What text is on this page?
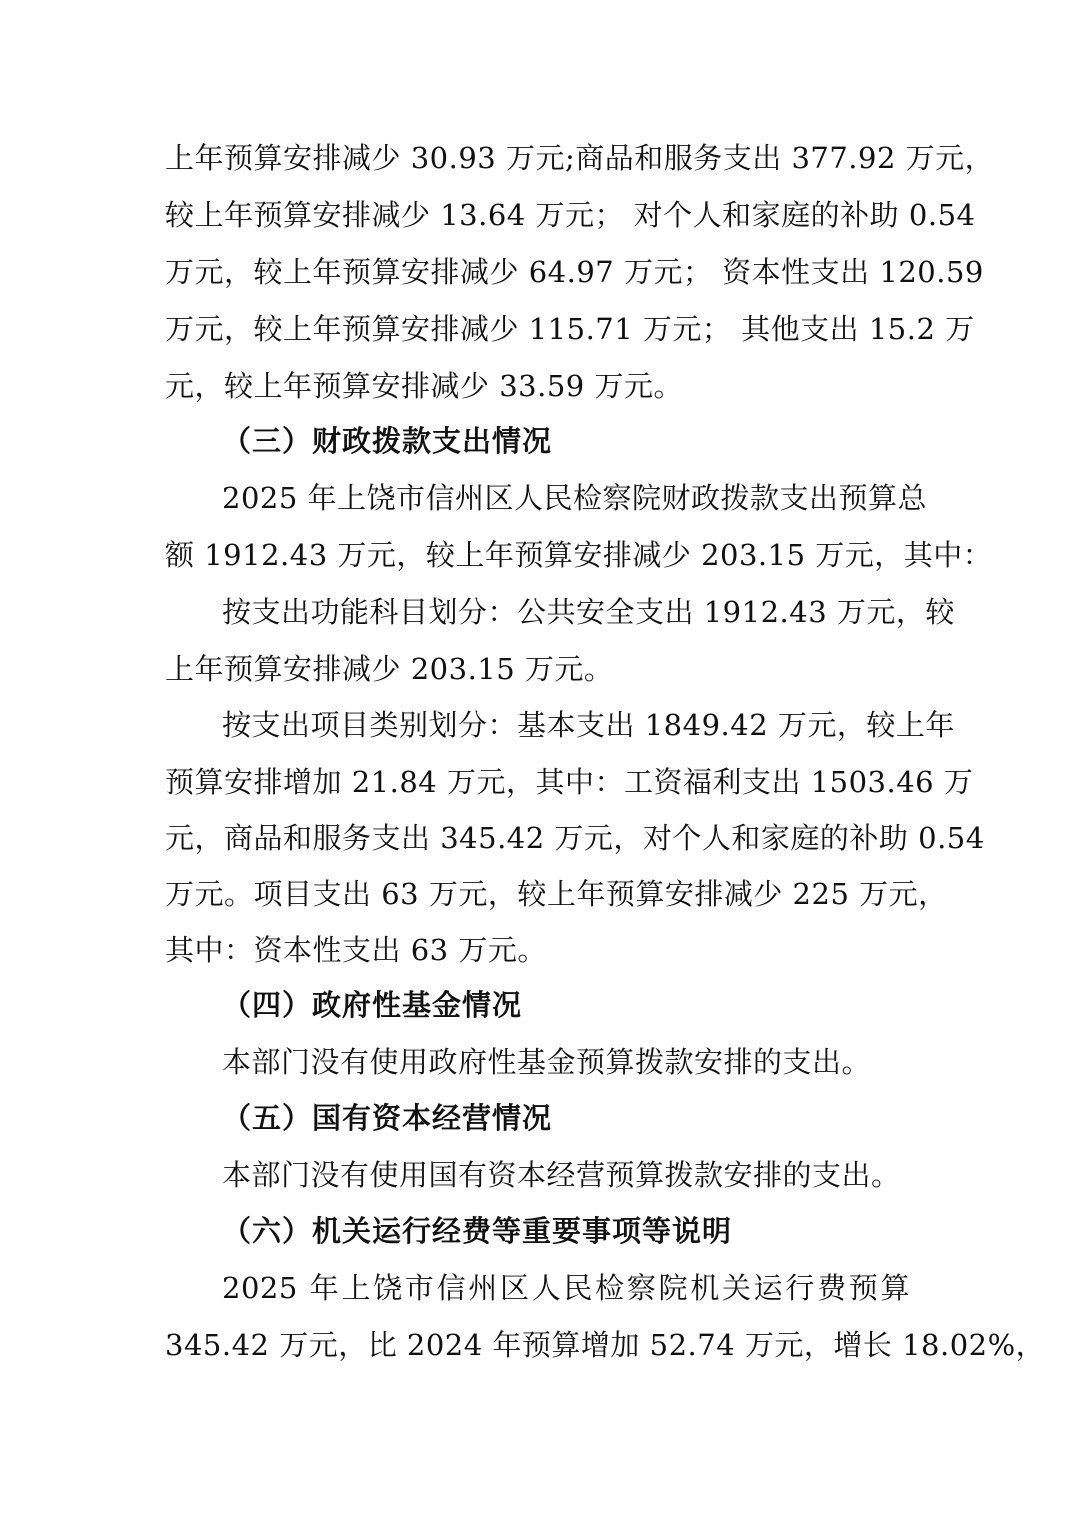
上年预算安排减少 30.93 万元;商品和服务支出 377.92 万元，
较上年预算安排减少 13.64 万元； 对个人和家庭的补助 0.54
万元，较上年预算安排减少 64.97 万元； 资本性支出 120.59
万元，较上年预算安排减少 115.71 万元； 其他支出 15.2 万
元，较上年预算安排减少 33.59 万元。
（三）财政拨款支出情况
2025 年上饶市信州区人民检察院财政拨款支出预算总
额 1912.43 万元，较上年预算安排减少 203.15 万元，其中：
按支出功能科目划分：公共安全支出 1912.43 万元，较
上年预算安排减少 203.15 万元。
按支出项目类别划分：基本支出 1849.42 万元，较上年
预算安排增加 21.84 万元，其中：工资福利支出 1503.46 万
元，商品和服务支出 345.42 万元，对个人和家庭的补助 0.54
万元。项目支出 63 万元，较上年预算安排减少 225 万元，
其中：资本性支出 63 万元。
（四）政府性基金情况
本部门没有使用政府性基金预算拨款安排的支出。
（五）国有资本经营情况
本部门没有使用国有资本经营预算拨款安排的支出。
（六）机关运行经费等重要事项等说明
2025 年上饶市信州区人民检察院机关运行费预算
345.42 万元，比 2024 年预算增加 52.74 万元，增长 18.02%，
